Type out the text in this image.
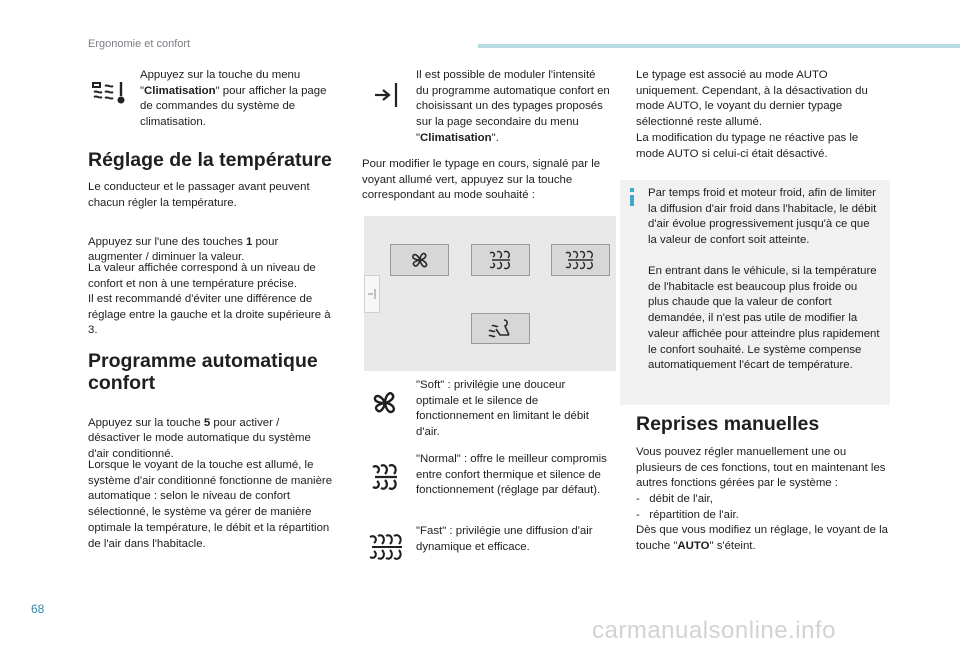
Ergonomie et confort

Appuyez sur la touche du menu "Climatisation" pour afficher la page de commandes du système de climatisation.

Réglage de la température

Le conducteur et le passager avant peuvent chacun régler la température.

Appuyez sur l'une des touches 1 pour augmenter / diminuer la valeur.

La valeur affichée correspond à un niveau de confort et non à une température précise.

Il est recommandé d'éviter une différence de réglage entre la gauche et la droite supérieure à 3.

Programme automatique
confort
Appuyez sur la touche 5 pour activer / désactiver le mode automatique du système d'air conditionné.

Lorsque le voyant de la touche est allumé, le système d'air conditionné fonctionne de manière automatique : selon le niveau de confort sélectionné, le système va gérer de manière optimale la température, le débit et la répartition de l'air dans l'habitacle.

Il est possible de moduler l'intensité du programme automatique confort en choisissant un des typages proposés sur la page secondaire du menu "Climatisation".

Pour modifier le typage en cours, signalé par le voyant allumé vert, appuyez sur la touche correspondant au mode souhaité :

"Soft" : privilégie une douceur optimale et le silence de fonctionnement en limitant le débit d'air.

"Normal" : offre le meilleur compromis entre confort thermique et silence de fonctionnement (réglage par défaut).

"Fast" : privilégie une diffusion d'air dynamique et efficace.

Le typage est associé au mode AUTO uniquement. Cependant, à la désactivation du mode AUTO, le voyant du dernier typage sélectionné reste allumé.

La modification du typage ne réactive pas le mode AUTO si celui-ci était désactivé.

Par temps froid et moteur froid, afin de limiter la diffusion d'air froid dans l'habitacle, le débit d'air évolue progressivement jusqu'à ce que la valeur de confort soit atteinte.

En entrant dans le véhicule, si la température de l'habitacle est beaucoup plus froide ou plus chaude que la valeur de confort demandée, il n'est pas utile de modifier la valeur affichée pour atteindre plus rapidement le confort souhaité. Le système compense automatiquement l'écart de température.

Reprises manuelles

Vous pouvez régler manuellement une ou plusieurs de ces fonctions, tout en maintenant les autres fonctions gérées par le système :

-   débit de l'air,

-   répartition de l'air.

Dès que vous modifiez un réglage, le voyant de la touche "AUTO" s'éteint.

68
carmanualsonline.info
